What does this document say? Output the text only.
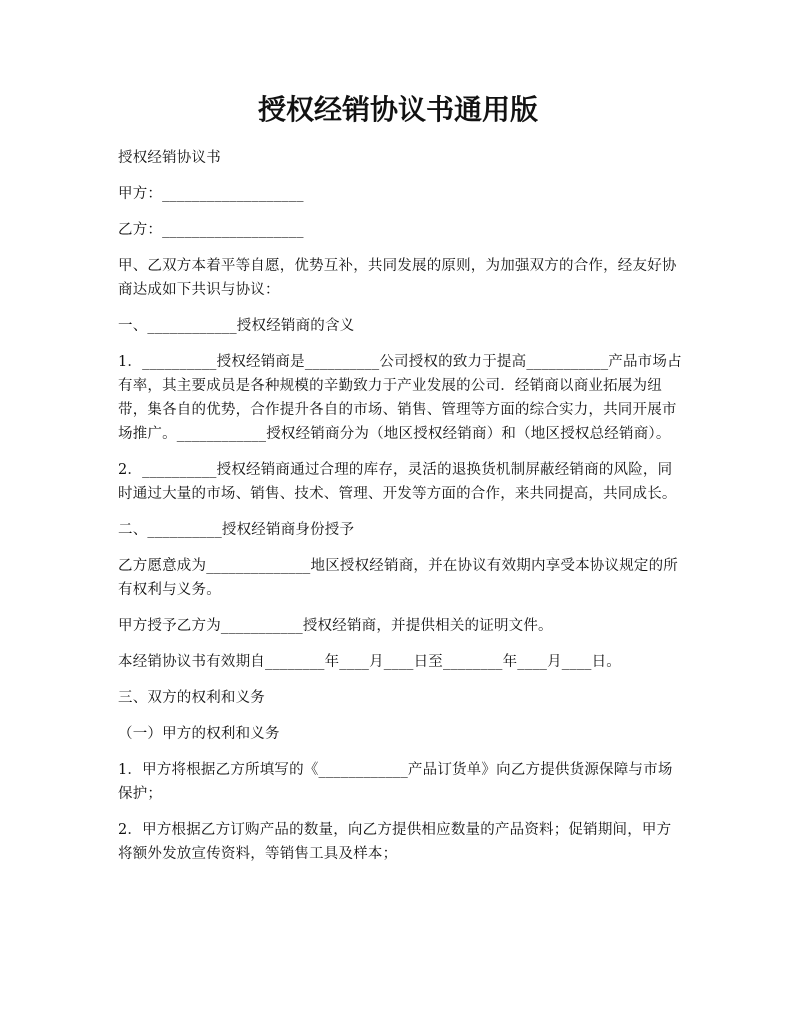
授权经销协议书通用版

授权经销协议书

甲方：___________________

乙方：___________________

甲、乙双方本着平等自愿，优势互补，共同发展的原则，为加强双方的合作，经友好协商达成如下共识与协议：

一、____________授权经销商的含义

1．__________授权经销商是__________公司授权的致力于提高___________产品市场占有率，其主要成员是各种规模的辛勤致力于产业发展的公司．经销商以商业拓展为纽带，集各自的优势，合作提升各自的市场、销售、管理等方面的综合实力，共同开展市场推广。____________授权经销商分为（地区授权经销商）和（地区授权总经销商）。

2．__________授权经销商通过合理的库存，灵活的退换货机制屏蔽经销商的风险，同时通过大量的市场、销售、技术、管理、开发等方面的合作，来共同提高，共同成长。

二、__________授权经销商身份授予

乙方愿意成为______________地区授权经销商，并在协议有效期内享受本协议规定的所有权利与义务。

甲方授予乙方为___________授权经销商，并提供相关的证明文件。

本经销协议书有效期自________年____月____日至________年____月____日。

三、双方的权利和义务

（一）甲方的权利和义务

1．甲方将根据乙方所填写的《____________产品订货单》向乙方提供货源保障与市场保护；

2．甲方根据乙方订购产品的数量，向乙方提供相应数量的产品资料；促销期间，甲方将额外发放宣传资料，等销售工具及样本；
